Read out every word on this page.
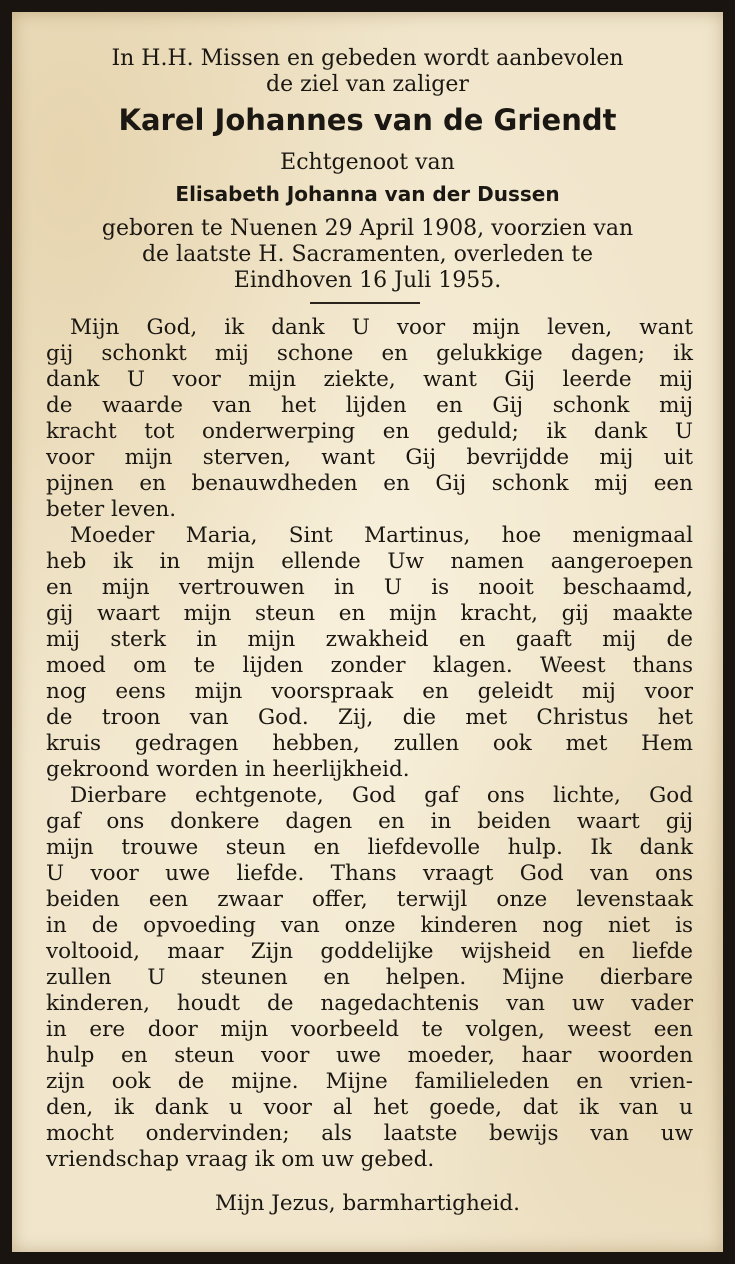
In H.H. Missen en gebeden wordt aanbevolen
de ziel van zaliger
Karel Johannes van de Griendt
Echtgenoot van
Elisabeth Johanna van der Dussen
geboren te Nuenen 29 April 1908, voorzien van
de laatste H. Sacramenten, overleden te
Eindhoven 16 Juli 1955.
Mijn God, ik dank U voor mijn leven, want
gij schonkt mij schone en gelukkige dagen; ik
dank U voor mijn ziekte, want Gij leerde mij
de waarde van het lijden en Gij schonk mij
kracht tot onderwerping en geduld; ik dank U
voor mijn sterven, want Gij bevrijdde mij uit
pijnen en benauwdheden en Gij schonk mij een
beter leven.
Moeder Maria, Sint Martinus, hoe menigmaal
heb ik in mijn ellende Uw namen aangeroepen
en mijn vertrouwen in U is nooit beschaamd,
gij waart mijn steun en mijn kracht, gij maakte
mij sterk in mijn zwakheid en gaaft mij de
moed om te lijden zonder klagen. Weest thans
nog eens mijn voorspraak en geleidt mij voor
de troon van God. Zij, die met Christus het
kruis gedragen hebben, zullen ook met Hem
gekroond worden in heerlijkheid.
Dierbare echtgenote, God gaf ons lichte, God
gaf ons donkere dagen en in beiden waart gij
mijn trouwe steun en liefdevolle hulp. Ik dank
U voor uwe liefde. Thans vraagt God van ons
beiden een zwaar offer, terwijl onze levenstaak
in de opvoeding van onze kinderen nog niet is
voltooid, maar Zijn goddelijke wijsheid en liefde
zullen U steunen en helpen. Mijne dierbare
kinderen, houdt de nagedachtenis van uw vader
in ere door mijn voorbeeld te volgen, weest een
hulp en steun voor uwe moeder, haar woorden
zijn ook de mijne. Mijne familieleden en vrien-
den, ik dank u voor al het goede, dat ik van u
mocht ondervinden; als laatste bewijs van uw
vriendschap vraag ik om uw gebed.
Mijn Jezus, barmhartigheid.
